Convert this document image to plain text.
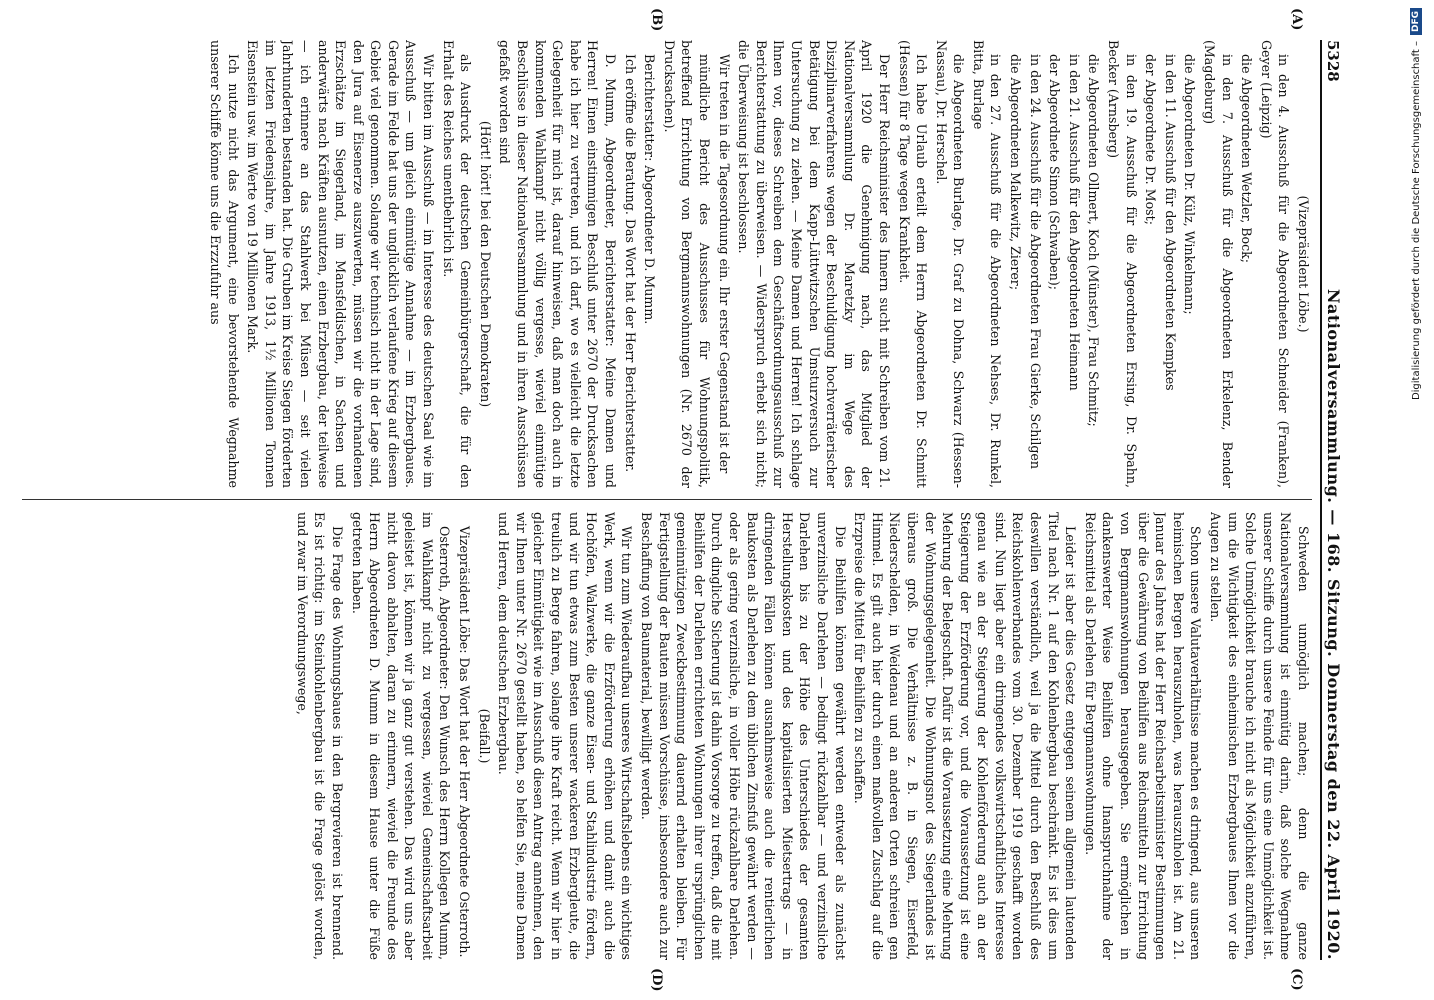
5328
Nationalversammlung. — 168. Sitzung. Donnerstag den 22. April 1920.
(A)
(B)
(C)
(D)

(Vizepräsident Löbe.)

in den 4. Ausschuß für die Abgeordneten Schneider (Franken), Geyer (Leipzig)

die Abgeordneten Wetzler, Bock;

in den 7. Ausschuß für die Abgeordneten Erkelenz, Bender (Magdeburg)

die Abgeordneten Dr. Külz, Winkelmann;

in den 11. Ausschuß für den Abgeordneten Kempkes

der Abgeordnete Dr. Most;

in den 19. Ausschuß für die Abgeordneten Ersing, Dr. Spahn, Becker (Arnsberg)

die Abgeordneten Ollmert, Koch (Münster), Frau Schmitz;

in den 21. Ausschuß für den Abgeordneten Heimann

der Abgeordnete Simon (Schwaben);

in den 24. Ausschuß für die Abgeordneten Frau Gierke, Schilgen

die Abgeordneten Malkewitz, Zierer;

in den 27. Ausschuß für die Abgeordneten Nehses, Dr. Runkel, Bitta, Burlage

die Abgeordneten Burlage, Dr. Graf zu Dohna, Schwarz (Hessen-Nassau), Dr. Herschel.

Ich habe Urlaub erteilt dem Herrn Abgeordneten Dr. Schmitt (Hessen) für 8 Tage wegen Krankheit.

Der Herr Reichsminister des Innern sucht mit Schreiben vom 21. April 1920 die Genehmigung nach, das Mitglied der Nationalversammlung Dr. Maretzky im Wege des Disziplinarverfahrens wegen der Beschuldigung hochverräterischer Betätigung bei dem Kapp-Lüttwitzschen Umsturzversuch zur Untersuchung zu ziehen. — Meine Damen und Herren! Ich schlage Ihnen vor, dieses Schreiben dem Geschäftsordnungsausschuß zur Berichterstattung zu überweisen. — Widerspruch erhebt sich nicht; die Überweisung ist beschlossen.

Wir treten in die Tagesordnung ein. Ihr erster Gegenstand ist der

mündliche Bericht des Ausschusses für Wohnungspolitik, betreffend Errichtung von Bergmannswohnungen (Nr. 2670 der Drucksachen).

Berichterstatter: Abgeordneter D. Mumm.

Ich eröffne die Beratung. Das Wort hat der Herr Berichterstatter.

D. Mumm, Abgeordneter, Berichterstatter: Meine Damen und Herren! Einen einstimmigen Beschluß unter 2670 der Drucksachen habe ich hier zu vertreten, und ich darf, wo es vielleicht die letzte Gelegenheit für mich ist, darauf hinweisen, daß man doch auch in kommenden Wahlkampf nicht völlig vergesse, wieviel einmütige Beschlüsse in dieser Nationalversammlung und in ihren Ausschüssen gefaßt worden sind

(Hört! hört! bei den Deutschen Demokraten)

als Ausdruck der deutschen Gemeinbürgerschaft, die für den Erhalt des Reiches unentbehrlich ist.

Wir bitten im Ausschuß — im Interesse des deutschen Saal wie im Ausschuß — um gleich einmütige Annahme — im Erzbergbaues. Gerade im Felde hat uns der unglücklich verlaufene Krieg auf diesem Gebiet viel genommen. Solange wir technisch nicht in der Lage sind, den Jura auf Eisenerze auszuwerten, müssen wir die vorhandenen Erzschätze im Siegerland, im Mansfeldischen, in Sachsen und anderwärts nach Kräften ausnutzen, einen Erzbergbau, der teilweise — ich erinnere an das Stahlwerk bei Müsen — seit vielen Jahrhunderten bestanden hat. Die Gruben im Kreise Siegen förderten im letzten Friedensjahre, im Jahre 1913, 1½ Millionen Tonnen Eisenstein usw. im Werte von 19 Millionen Mark.

Ich nutze nicht das Argument, eine bevorstehende Wegnahme unserer Schiffe könne uns die Erzzufuhr aus

Schweden unmöglich machen; denn die ganze Nationalversammlung ist einmütig darin, daß solche Wegnahme unserer Schiffe durch unsere Feinde für uns eine Unmöglichkeit ist. Solche Unmöglichkeit brauche ich nicht als Möglichkeit anzuführen, um die Wichtigkeit des einheimischen Erzbergbaues Ihnen vor die Augen zu stellen.

Schon unsere Valutaverhältnisse machen es dringend, aus unseren heimischen Bergen herauszuholen, was herauszuholen ist. Am 21. Januar des Jahres hat der Herr Reichsarbeitsminister Bestimmungen über die Gewährung von Beihilfen aus Reichsmitteln zur Errichtung von Bergmannswohnungen herausgegeben. Sie ermöglichen in dankenswerter Weise Beihilfen ohne Inanspruchnahme der Reichsmittel als Darlehen für Bergmannswohnungen.

Leider ist aber dies Gesetz entgegen seinem allgemein lautenden Titel nach Nr. 1 auf den Kohlenbergbau beschränkt. Es ist dies um deswillen verständlich, weil ja die Mittel durch den Beschluß des Reichskohlenverbandes vom 30. Dezember 1919 geschafft worden sind. Nun liegt aber ein dringendes volkswirtschaftliches Interesse genau wie an der Steigerung der Kohlenförderung auch an der Steigerung der Erzförderung vor, und die Voraussetzung ist eine Mehrung der Belegschaft. Dafür ist die Voraussetzung eine Mehrung der Wohnungsgelegenheit. Die Wohnungsnot des Siegerlandes ist überaus groß. Die Verhältnisse z. B. in Siegen, Eiserfeld, Niederschelden, in Weidenau und an anderen Orten schreien gen Himmel. Es gilt auch hier durch einen maßvollen Zuschlag auf die Erzpreise die Mittel für Beihilfen zu schaffen.

Die Beihilfen können gewährt werden entweder als zunächst unverzinsliche Darlehen — bedingt rückzahlbar — und verzinsliche Darlehen bis zu der Höhe des Unterschiedes der gesamten Herstellungskosten und des kapitalisierten Mietsertrags — in dringenden Fällen können ausnahmsweise auch die rentierlichen Baukosten als Darlehen zu dem üblichen Zinsfuß gewährt werden — oder als gering verzinsliche, in voller Höhe rückzahlbare Darlehen. Durch dingliche Sicherung ist dahin Vorsorge zu treffen, daß die mit Beihilfen der Darlehen errichteten Wohnungen ihrer ursprünglichen gemeinnützigen Zweckbestimmung dauernd erhalten bleiben. Für Fertigstellung der Bauten müssen Vorschüsse, insbesondere auch zur Beschaffung von Baumaterial, bewilligt werden.

Wir tun zum Wiederaufbau unseres Wirtschaftslebens ein wichtiges Werk, wenn wir die Erzförderung erhöhen und damit auch die Hochöfen, Walzwerke, die ganze Eisen- und Stahlindustrie fördern, und wir tun etwas zum Besten unserer wackeren Erzbergleute, die treulich zu Berge fahren, solange ihre Kraft reicht. Wenn wir hier in gleicher Einmütigkeit wie im Ausschuß diesen Antrag annehmen, den wir Ihnen unter Nr. 2670 gestellt haben, so helfen Sie, meine Damen und Herren, dem deutschen Erzbergbau.

(Beifall.)

Vizepräsident Löbe: Das Wort hat der Herr Abgeordnete Osterroth.

Osterroth, Abgeordneter: Den Wunsch des Herrn Kollegen Mumm, im Wahlkampf nicht zu vergessen, wieviel Gemeinschaftsarbeit geleistet ist, können wir ja ganz gut verstehen. Das wird uns aber nicht davon abhalten, daran zu erinnern, wieviel die Freunde des Herrn Abgeordneten D. Mumm in diesem Hause unter die Füße getreten haben.

Die Frage des Wohnungsbaues in den Bergrevieren ist brennend. Es ist richtig: im Steinkohlenbergbau ist die Frage gelöst worden, und zwar im Verordnungswege,

Digitalisierung gefördert durch die Deutsche Forschungsgemeinschaft –
DFG
